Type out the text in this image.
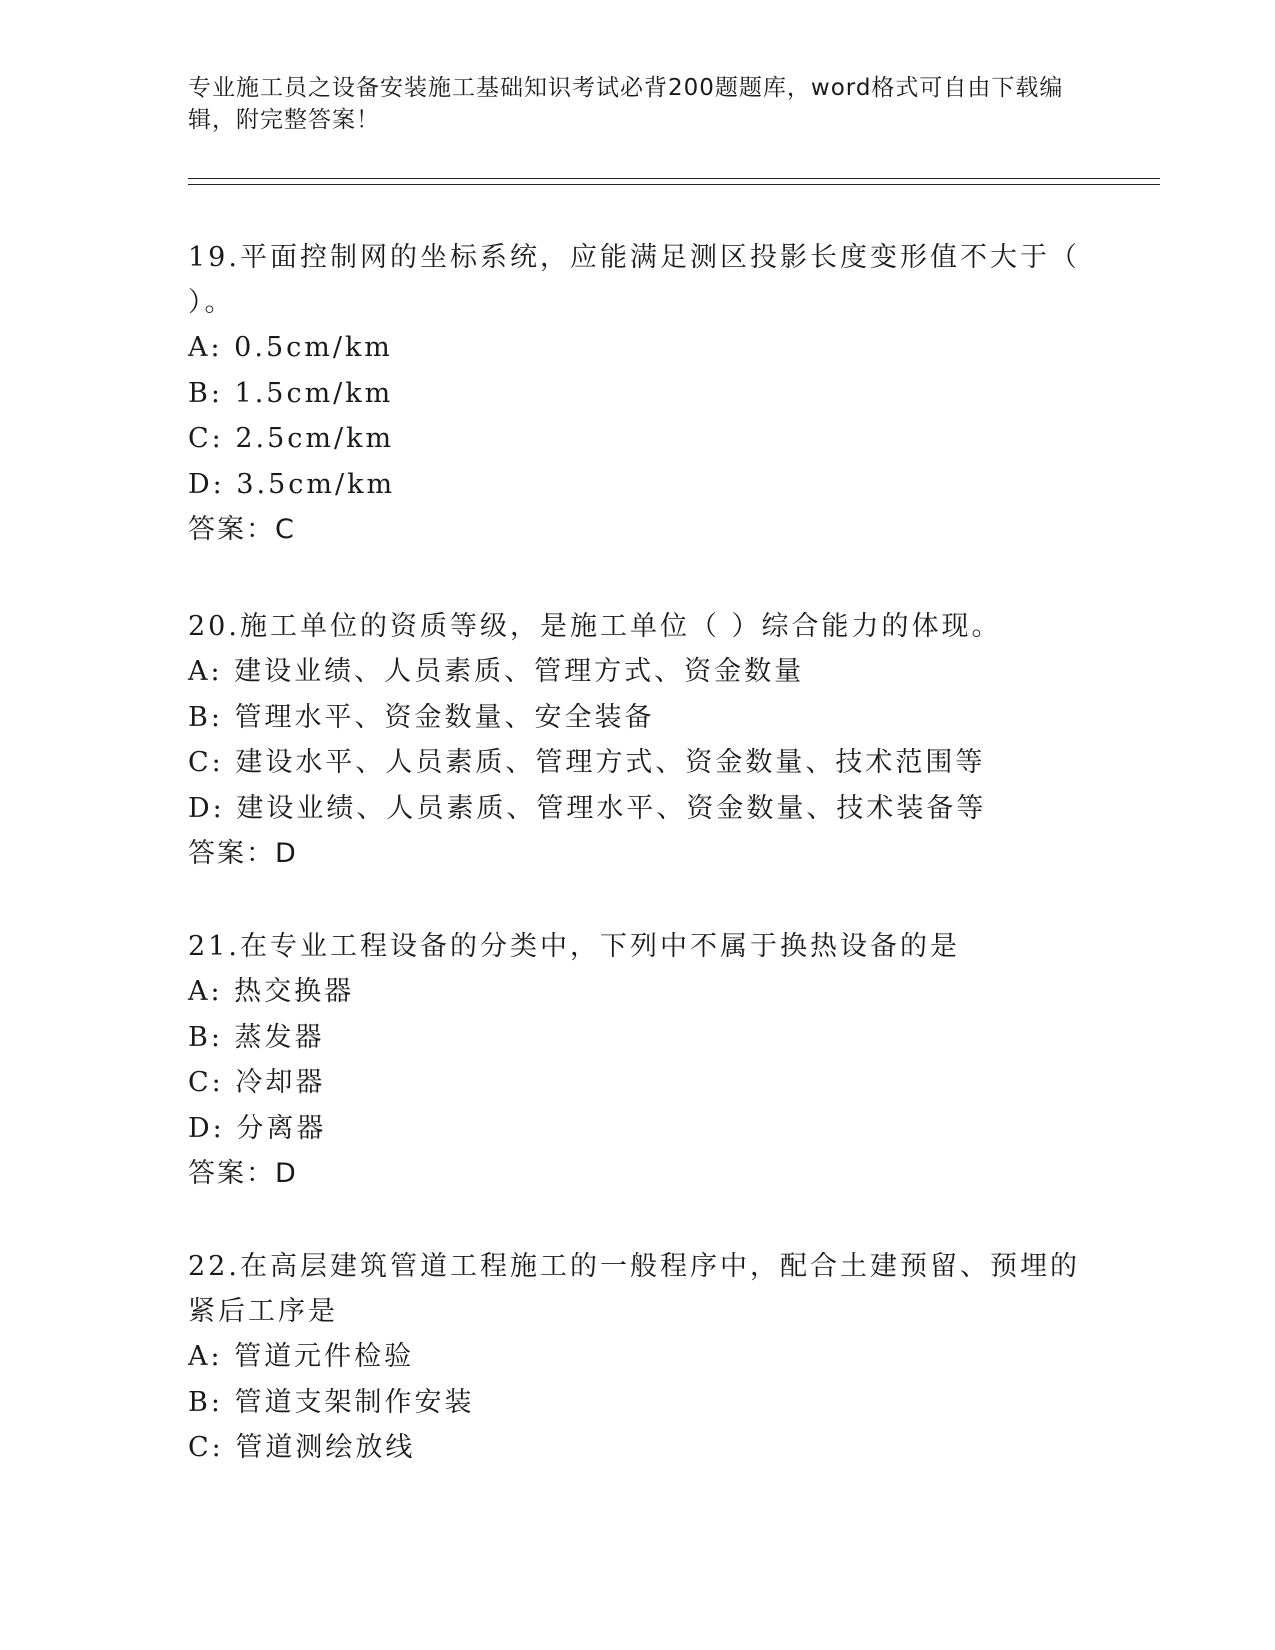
专业施工员之设备安装施工基础知识考试必背200题题库，word格式可自由下载编辑，附完整答案！

19.平面控制网的坐标系统，应能满足测区投影长度变形值不大于（ ）。

A: 0.5cm/km

B: 1.5cm/km

C: 2.5cm/km

D: 3.5cm/km

答案：C

20.施工单位的资质等级，是施工单位（ ）综合能力的体现。

A: 建设业绩、人员素质、管理方式、资金数量

B: 管理水平、资金数量、安全装备

C: 建设水平、人员素质、管理方式、资金数量、技术范围等

D: 建设业绩、人员素质、管理水平、资金数量、技术装备等

答案：D

21.在专业工程设备的分类中，下列中不属于换热设备的是

A: 热交换器

B: 蒸发器

C: 冷却器

D: 分离器

答案：D

22.在高层建筑管道工程施工的一般程序中，配合土建预留、预埋的紧后工序是

A: 管道元件检验

B: 管道支架制作安装

C: 管道测绘放线
